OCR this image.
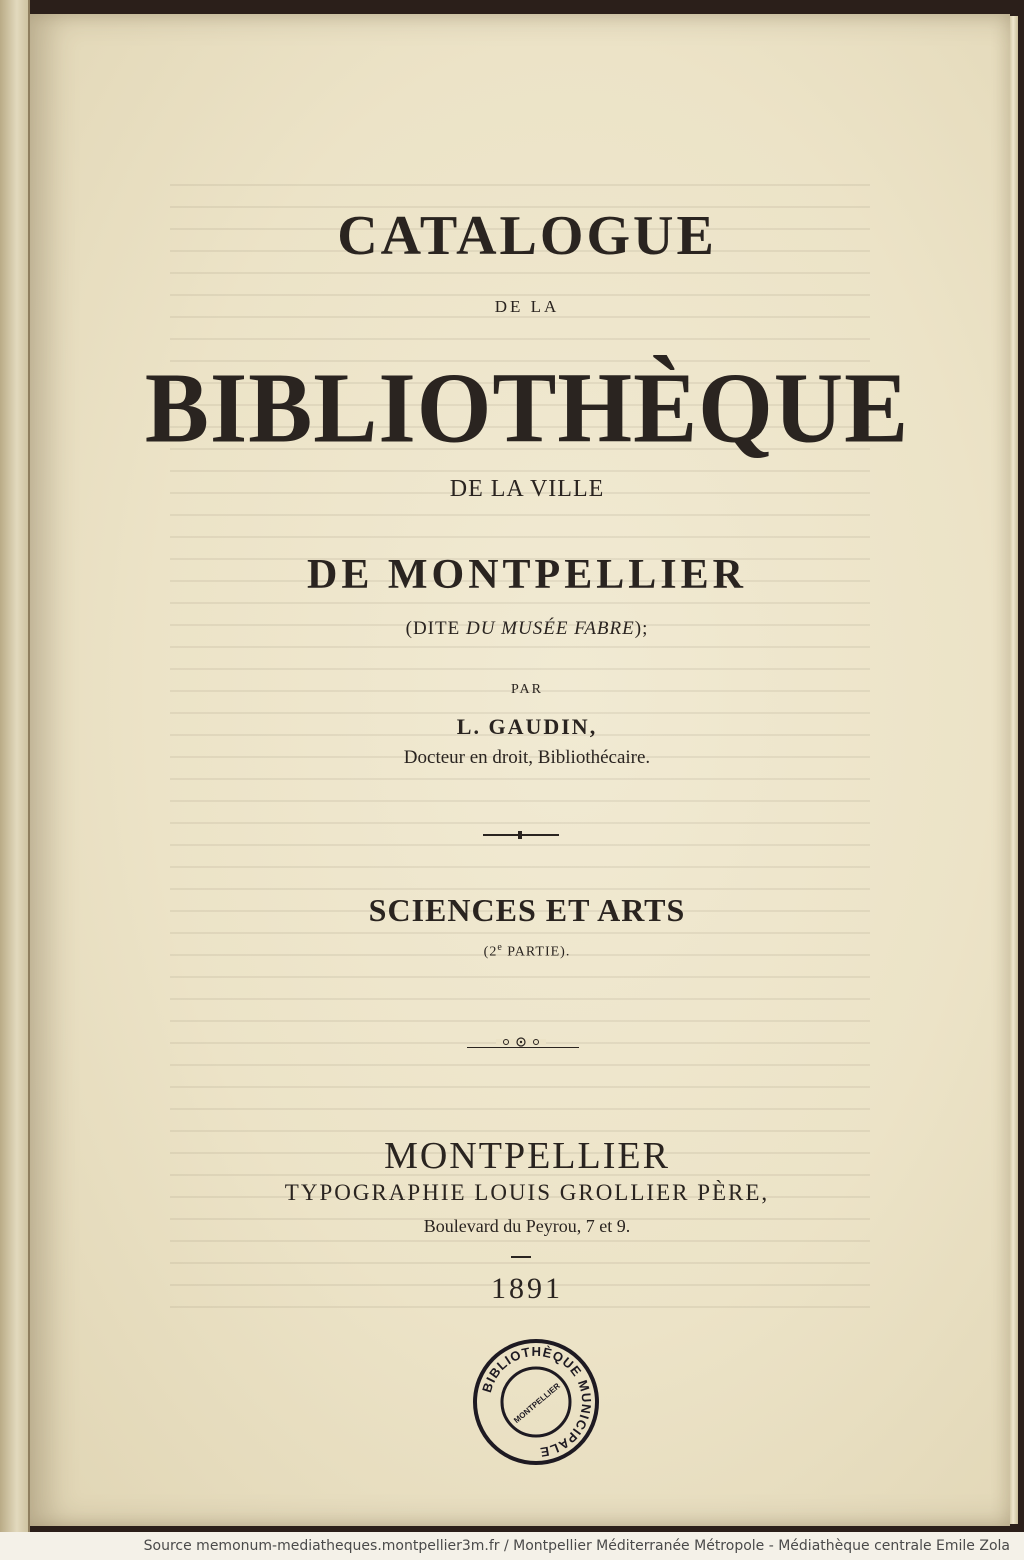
CATALOGUE
DE LA
BIBLIOTHÈQUE
DE LA VILLE
DE MONTPELLIER
(DITE DU MUSÉE FABRE);
PAR
L. GAUDIN,
Docteur en droit, Bibliothécaire.
SCIENCES ET ARTS
(2e PARTIE).
MONTPELLIER
TYPOGRAPHIE LOUIS GROLLIER PÈRE,
Boulevard du Peyrou, 7 et 9.
1891
BIBLIOTHÈQUE MUNICIPALE
MONTPELLIER
Source memonum-mediatheques.montpellier3m.fr / Montpellier Méditerranée Métropole - Médiathèque centrale Emile Zola
